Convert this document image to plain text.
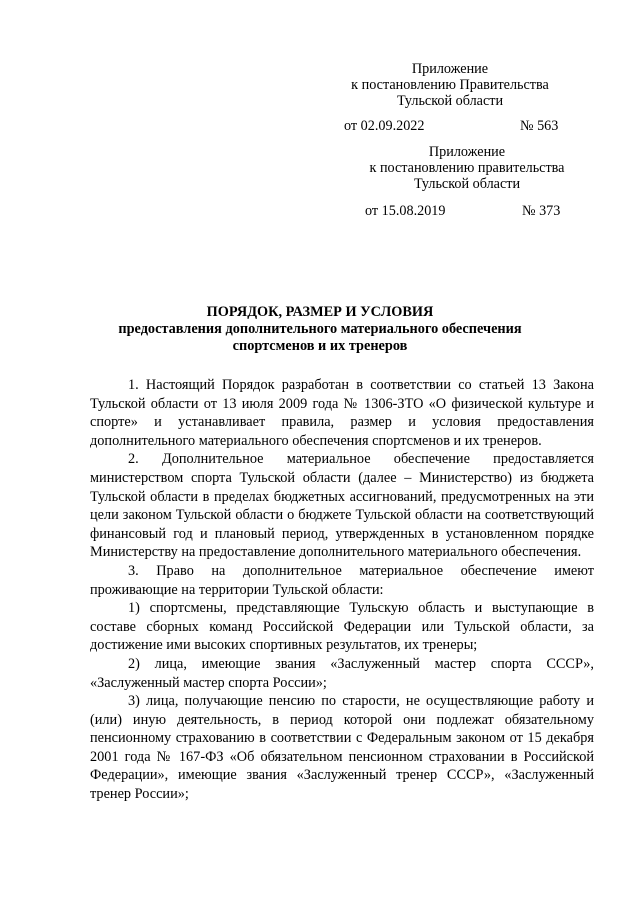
Приложение
к постановлению Правительства
Тульской области
от 02.09.2022	№ 563
Приложение
к постановлению правительства
Тульской области
от 15.08.2019	№ 373
ПОРЯДОК, РАЗМЕР И УСЛОВИЯ
предоставления дополнительного материального обеспечения
спортсменов и их тренеров

1. Настоящий Порядок разработан в соответствии со статьей 13 Закона Тульской области от 13 июля 2009 года № 1306-ЗТО «О физической культуре и спорте» и устанавливает правила, размер и условия предоставления дополнительного материального обеспечения спортсменов и их тренеров.

2. Дополнительное материальное обеспечение предоставляется министерством спорта Тульской области (далее – Министерство) из бюджета Тульской области в пределах бюджетных ассигнований, предусмотренных на эти цели законом Тульской области о бюджете Тульской области на соответствующий финансовый год и плановый период, утвержденных в установленном порядке Министерству на предоставление дополнительного материального обеспечения.

3. Право на дополнительное материальное обеспечение имеют проживающие на территории Тульской области:

1) спортсмены, представляющие Тульскую область и выступающие в составе сборных команд Российской Федерации или Тульской области, за достижение ими высоких спортивных результатов, их тренеры;

2) лица, имеющие звания «Заслуженный мастер спорта СССР», «Заслуженный мастер спорта России»;

3) лица, получающие пенсию по старости, не осуществляющие работу и (или) иную деятельность, в период которой они подлежат обязательному пенсионному страхованию в соответствии с Федеральным законом от 15 декабря 2001 года № 167-ФЗ «Об обязательном пенсионном страховании в Российской Федерации», имеющие звания «Заслуженный тренер СССР», «Заслуженный тренер России»;
